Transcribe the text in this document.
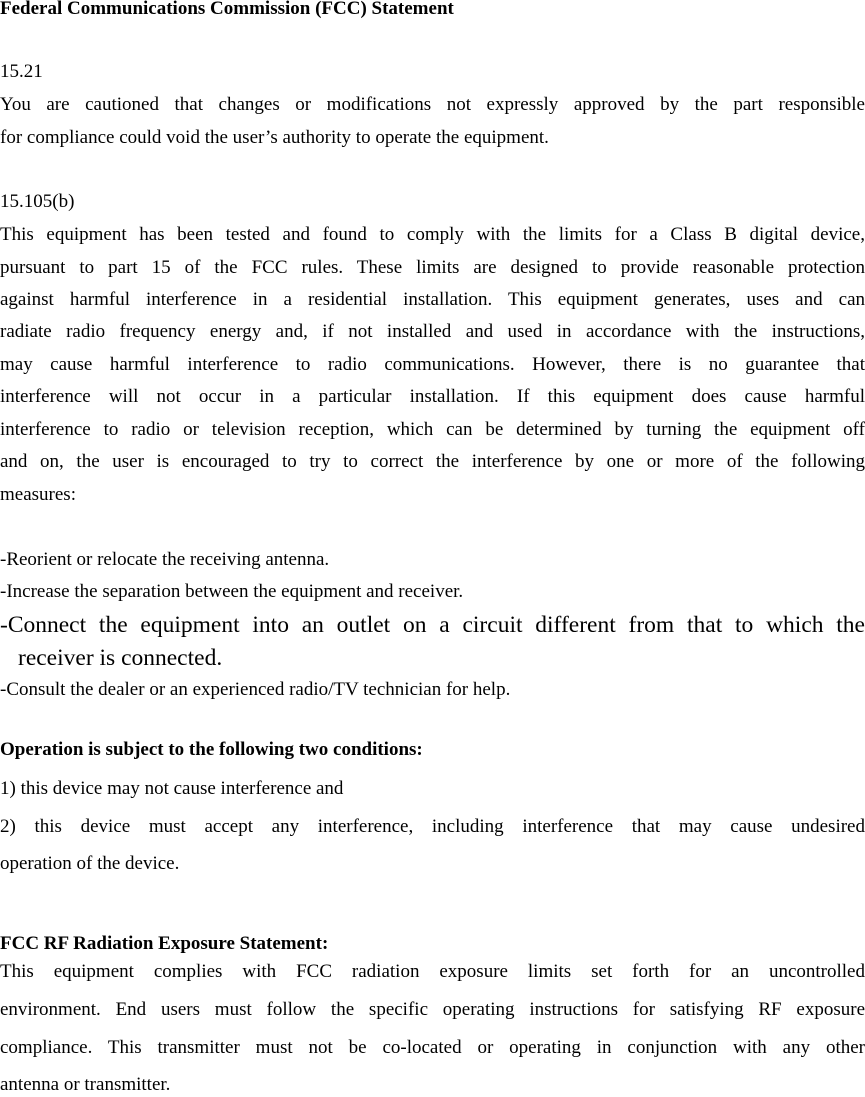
Federal Communications Commission (FCC) Statement
15.21
You are cautioned that changes or modifications not expressly approved by the part responsible
for compliance could void the user’s authority to operate the equipment.
15.105(b)
This equipment has been tested and found to comply with the limits for a Class B digital device,
pursuant to part 15 of the FCC rules. These limits are designed to provide reasonable protection
against harmful interference in a residential installation. This equipment generates, uses and can
radiate radio frequency energy and, if not installed and used in accordance with the instructions,
may cause harmful interference to radio communications. However, there is no guarantee that
interference will not occur in a particular installation. If this equipment does cause harmful
interference to radio or television reception, which can be determined by turning the equipment off
and on, the user is encouraged to try to correct the interference by one or more of the following
measures:
-Reorient or relocate the receiving antenna.
-Increase the separation between the equipment and receiver.
-Connect the equipment into an outlet on a circuit different from that to which the
receiver is connected.
-Consult the dealer or an experienced radio/TV technician for help.
Operation is subject to the following two conditions:
1) this device may not cause interference and
2) this device must accept any interference, including interference that may cause undesired
operation of the device.
FCC RF Radiation Exposure Statement:
This equipment complies with FCC radiation exposure limits set forth for an uncontrolled
environment. End users must follow the specific operating instructions for satisfying RF exposure
compliance. This transmitter must not be co-located or operating in conjunction with any other
antenna or transmitter.
